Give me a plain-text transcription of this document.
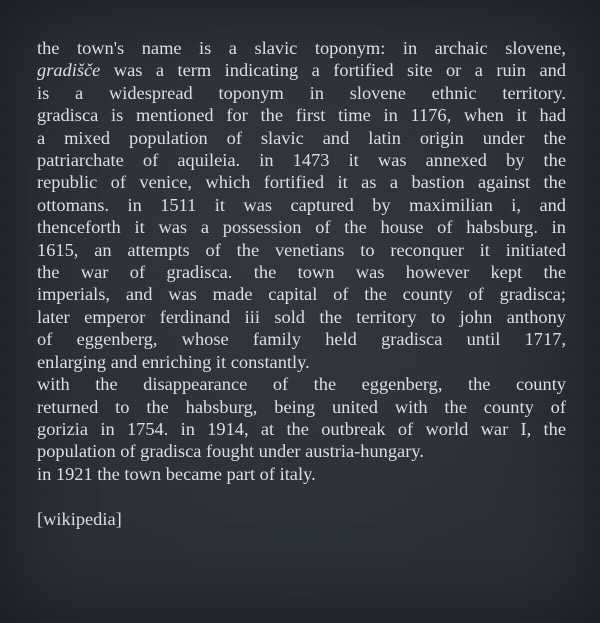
the town's name is a slavic toponym: in archaic slovene,
gradišče was a term indicating a fortified site or a ruin and
is a widespread toponym in slovene ethnic territory.
gradisca is mentioned for the first time in 1176, when it had
a mixed population of slavic and latin origin under the
patriarchate of aquileia. in 1473 it was annexed by the
republic of venice, which fortified it as a bastion against the
ottomans. in 1511 it was captured by maximilian i, and
thenceforth it was a possession of the house of habsburg. in
1615, an attempts of the venetians to reconquer it initiated
the war of gradisca. the town was however kept the
imperials, and was made capital of the county of gradisca;
later emperor ferdinand iii sold the territory to john anthony
of eggenberg, whose family held gradisca until 1717,
enlarging and enriching it constantly.
with the disappearance of the eggenberg, the county
returned to the habsburg, being united with the county of
gorizia in 1754. in 1914, at the outbreak of world war I, the
population of gradisca fought under austria-hungary.
in 1921 the town became part of italy.
[wikipedia]
